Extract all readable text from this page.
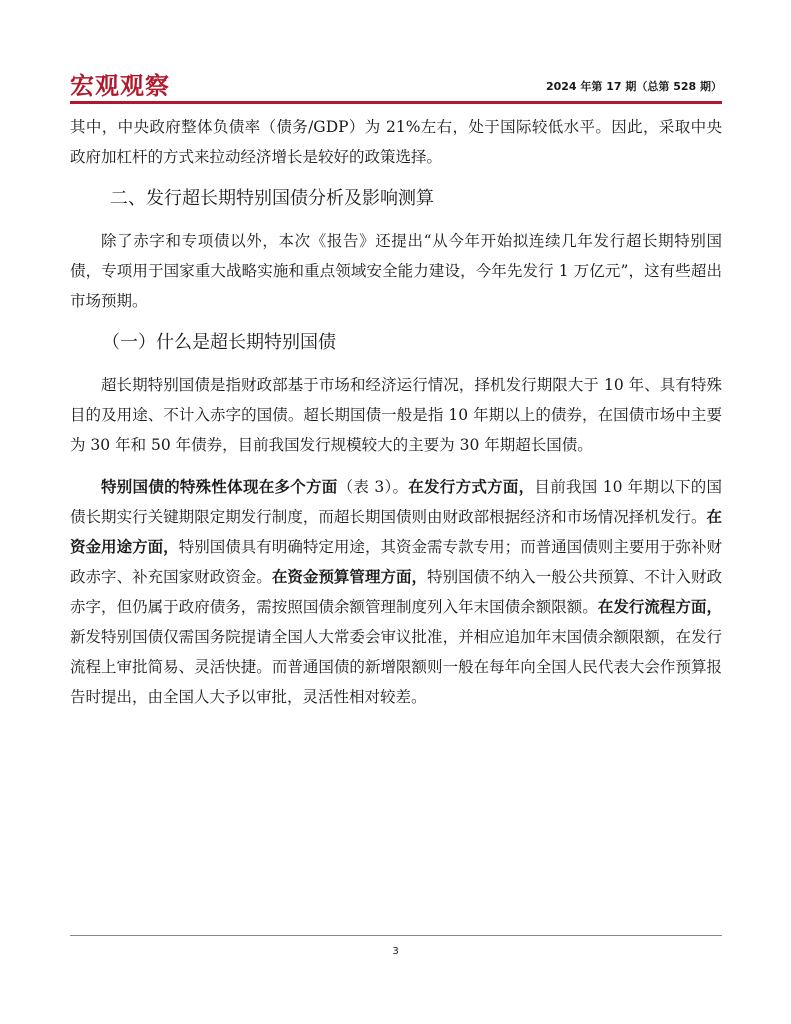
宏观观察	2024 年第 17 期（总第 528 期）

其中，中央政府整体负债率（债务/GDP）为 21%左右，处于国际较低水平。因此，采取中央政府加杠杆的方式来拉动经济增长是较好的政策选择。

二、发行超长期特别国债分析及影响测算

除了赤字和专项债以外，本次《报告》还提出“从今年开始拟连续几年发行超长期特别国债，专项用于国家重大战略实施和重点领域安全能力建设，今年先发行 1 万亿元”，这有些超出市场预期。

（一）什么是超长期特别国债

超长期特别国债是指财政部基于市场和经济运行情况，择机发行期限大于 10 年、具有特殊目的及用途、不计入赤字的国债。超长期国债一般是指 10 年期以上的债券，在国债市场中主要为 30 年和 50 年债券，目前我国发行规模较大的主要为 30 年期超长国债。

特别国债的特殊性体现在多个方面（表 3）。在发行方式方面，目前我国 10 年期以下的国债长期实行关键期限定期发行制度，而超长期国债则由财政部根据经济和市场情况择机发行。在资金用途方面，特别国债具有明确特定用途，其资金需专款专用；而普通国债则主要用于弥补财政赤字、补充国家财政资金。在资金预算管理方面，特别国债不纳入一般公共预算、不计入财政赤字，但仍属于政府债务，需按照国债余额管理制度列入年末国债余额限额。在发行流程方面，新发特别国债仅需国务院提请全国人大常委会审议批准，并相应追加年末国债余额限额，在发行流程上审批简易、灵活快捷。而普通国债的新增限额则一般在每年向全国人民代表大会作预算报告时提出，由全国人大予以审批，灵活性相对较差。

3
